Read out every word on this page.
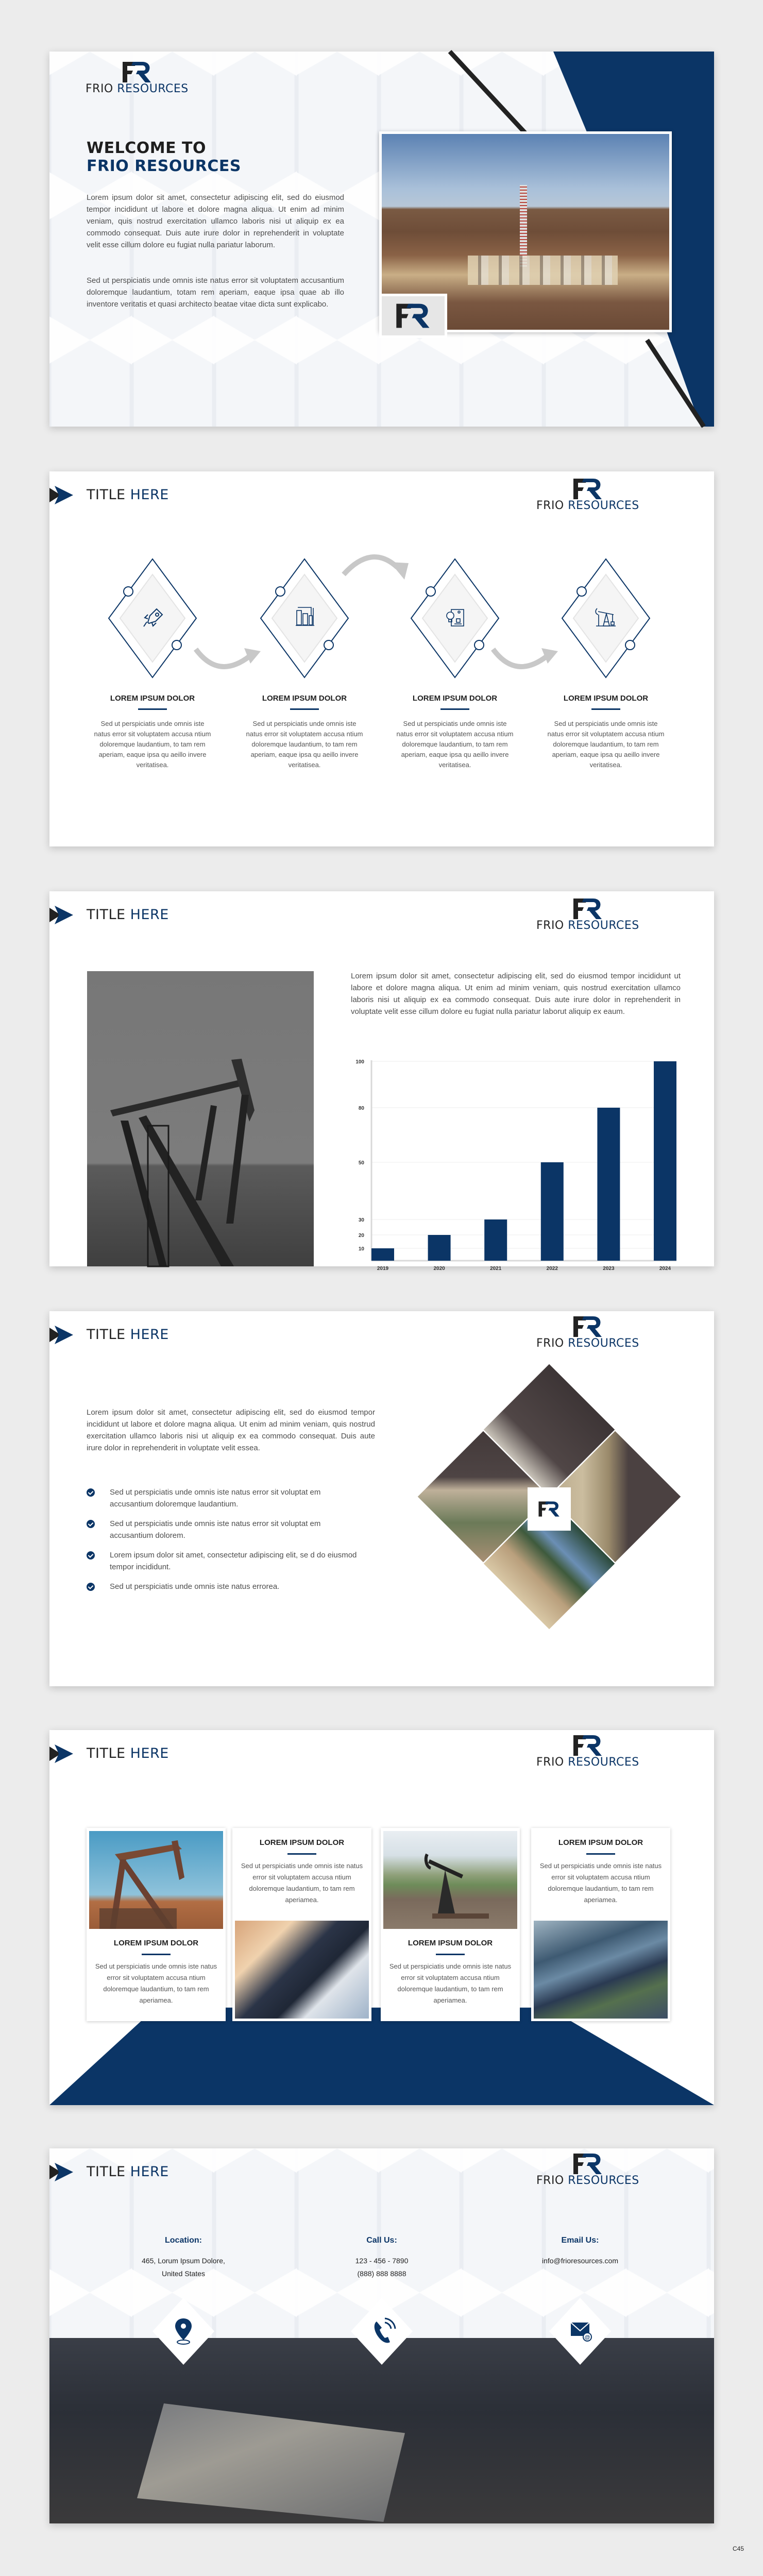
FRIO RESOURCES
WELCOME TO
FRIO RESOURCES

Lorem ipsum dolor sit amet, consectetur adipiscing elit, sed do eiusmod tempor incididunt ut labore et dolore magna aliqua. Ut enim ad minim veniam, quis nostrud exercitation ullamco laboris nisi ut aliquip ex ea commodo consequat. Duis aute irure dolor in reprehenderit in voluptate velit esse cillum dolore eu fugiat nulla pariatur laborum.

Sed ut perspiciatis unde omnis iste natus error sit voluptatem accusantium doloremque laudantium, totam rem aperiam, eaque ipsa quae ab illo inventore veritatis et quasi architecto beatae vitae dicta sunt explicabo.

TITLE HERE
FRIO RESOURCES
LOREM IPSUM DOLOR
Sed ut perspiciatis unde omnis iste natus error sit voluptatem accusa ntium doloremque laudantium, to tam rem aperiam, eaque ipsa qu aeillo invere veritatisea.
LOREM IPSUM DOLOR
Sed ut perspiciatis unde omnis iste natus error sit voluptatem accusa ntium doloremque laudantium, to tam rem aperiam, eaque ipsa qu aeillo invere veritatisea.
LOREM IPSUM DOLOR
Sed ut perspiciatis unde omnis iste natus error sit voluptatem accusa ntium doloremque laudantium, to tam rem aperiam, eaque ipsa qu aeillo invere veritatisea.
LOREM IPSUM DOLOR
Sed ut perspiciatis unde omnis iste natus error sit voluptatem accusa ntium doloremque laudantium, to tam rem aperiam, eaque ipsa qu aeillo invere veritatisea.
TITLE HERE
FRIO RESOURCES

Lorem ipsum dolor sit amet, consectetur adipiscing elit, sed do eiusmod tempor incididunt ut labore et dolore magna aliqua. Ut enim ad minim veniam, quis nostrud exercitation ullamco laboris nisi ut aliquip ex ea commodo consequat. Duis aute irure dolor in reprehenderit in voluptate velit esse cillum dolore eu fugiat nulla pariatur laborut aliquip ex eaum.

100
80
50
30
20
10
2019	2020	2021	2022	2023	2024
TITLE HERE
FRIO RESOURCES

Lorem ipsum dolor sit amet, consectetur adipiscing elit, sed do eiusmod tempor incididunt ut labore et dolore magna aliqua. Ut enim ad minim veniam, quis nostrud exercitation ullamco laboris nisi ut aliquip ex ea commodo consequat. Duis aute irure dolor in reprehenderit in voluptate velit essea.

Sed ut perspiciatis unde omnis iste natus error sit voluptat em accusantium doloremque laudantium.
Sed ut perspiciatis unde omnis iste natus error sit voluptat em accusantium dolorem.
Lorem ipsum dolor sit amet, consectetur adipiscing elit, se d do eiusmod tempor incididunt.
Sed ut perspiciatis unde omnis iste natus errorea.
TITLE HERE
FRIO RESOURCES
LOREM IPSUM DOLOR
Sed ut perspiciatis unde omnis iste natus error sit voluptatem accusa ntium doloremque laudantium, to tam rem aperiamea.
LOREM IPSUM DOLOR
Sed ut perspiciatis unde omnis iste natus error sit voluptatem accusa ntium doloremque laudantium, to tam rem aperiamea.
LOREM IPSUM DOLOR
Sed ut perspiciatis unde omnis iste natus error sit voluptatem accusa ntium doloremque laudantium, to tam rem aperiamea.
LOREM IPSUM DOLOR
Sed ut perspiciatis unde omnis iste natus error sit voluptatem accusa ntium doloremque laudantium, to tam rem aperiamea.
TITLE HERE
FRIO RESOURCES
Location:
465, Lorum Ipsum Dolore,
United States
Call Us:
123 - 456 - 7890
(888) 888 8888
Email Us:
info@frioresources.com
@
C45
